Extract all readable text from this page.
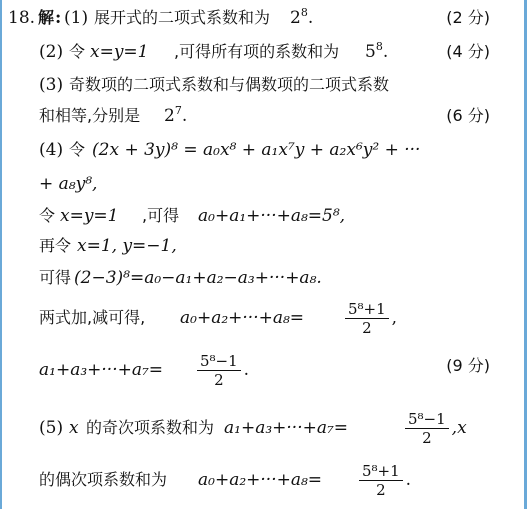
18. 解 : (1) 展开式的二项式系数和为 $2^8$.	(2 分)
(2) 令 x=y=1 ,可得所有项的系数和为 $5^8$.	(4 分)
(3) 奇数项的二项式系数和与偶数项的二项式系数
和相等,分别是 $2^7$.	(6 分)
(4) 令 (2x + 3y)⁸ = a₀x⁸ + a₁x⁷y + a₂x⁶y² + ···
+ a₈y⁸,
令 x=y=1 ,可得 a₀+a₁+···+a₈=5⁸,
再令 x=1, y=−1,
可得 (2−3)⁸=a₀−a₁+a₂−a₃+···+a₈.
两式加,减可得, a₀+a₂+···+a₈=	$\frac{\text{5⁸+1}}{2}$ ,
$a_1+a_3+\cdot\cdot\cdot+a_7= \frac{\text{5⁸−1}}{2}$ .	(9 分)
(5) x 的奇次项系数和为 a₁+a₃+···+a₇=	$\frac{\text{5⁸−1}}{2} ,x$
的偶次项系数和为 $a_0+a_2+\cdot\cdot\cdot+a_8= \frac{\text{5⁸+1}}{2}$ .
